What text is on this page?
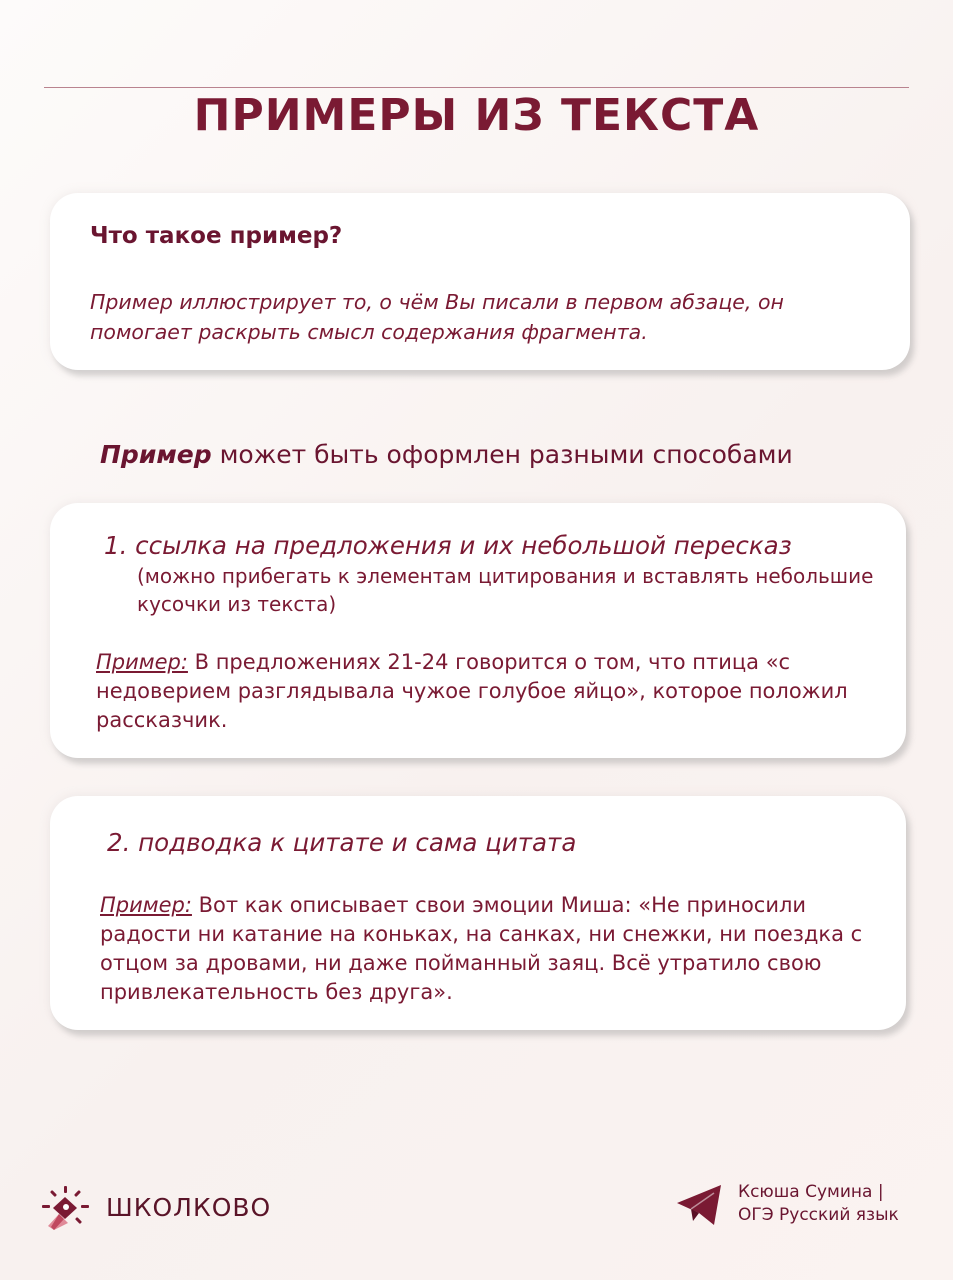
ПРИМЕРЫ ИЗ ТЕКСТА
Что такое пример?
Пример иллюстрирует то, о чём Вы писали в первом абзаце, он помогает раскрыть смысл содержания фрагмента.
Пример может быть оформлен разными способами
1. ссылка на предложения и их небольшой пересказ
(можно прибегать к элементам цитирования и вставлять небольшие кусочки из текста)
Пример: В предложениях 21-24 говорится о том, что птица «с недоверием разглядывала чужое голубое яйцо», которое положил рассказчик.
2. подводка к цитате и сама цитата
Пример: Вот как описывает свои эмоции Миша: «Не приносили радости ни катание на коньках, на санках, ни снежки, ни поездка с отцом за дровами, ни даже пойманный заяц. Всё утратило свою привлекательность без друга».
ШКОЛКОВО
Ксюша Сумина |
ОГЭ Русский язык
